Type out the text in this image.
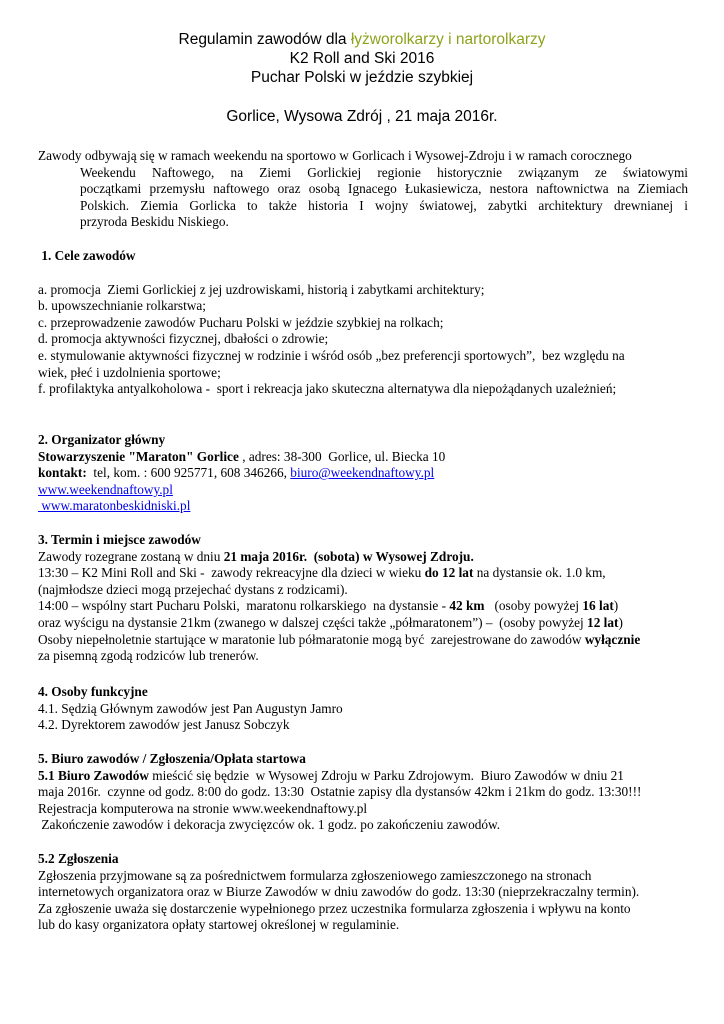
Regulamin zawodów dla łyżworolkarzy i nartorolkarzy
K2 Roll and Ski 2016
Puchar Polski w jeździe szybkiej
Gorlice, Wysowa Zdrój , 21 maja 2016r.
Zawody odbywają się w ramach weekendu na sportowo w Gorlicach i Wysowej-Zdroju i w ramach corocznego
Weekendu Naftowego, na Ziemi Gorlickiej regionie historycznie związanym ze światowymi
początkami przemysłu naftowego oraz osobą Ignacego Łukasiewicza, nestora naftownictwa na Ziemiach
Polskich. Ziemia Gorlicka to także historia I wojny światowej, zabytki architektury drewnianej i
przyroda Beskidu Niskiego.
1. Cele zawodów
a. promocja  Ziemi Gorlickiej z jej uzdrowiskami, historią i zabytkami architektury;
b. upowszechnianie rolkarstwa;
c. przeprowadzenie zawodów Pucharu Polski w jeździe szybkiej na rolkach;
d. promocja aktywności fizycznej, dbałości o zdrowie;
e. stymulowanie aktywności fizycznej w rodzinie i wśród osób „bez preferencji sportowych”,  bez względu na
wiek, płeć i uzdolnienia sportowe;
f. profilaktyka antyalkoholowa -  sport i rekreacja jako skuteczna alternatywa dla niepożądanych uzależnień;
2. Organizator główny
Stowarzyszenie "Maraton" Gorlice , adres: 38-300  Gorlice, ul. Biecka 10
kontakt:  tel, kom. : 600 925771, 608 346266, biuro@weekendnaftowy.pl
www.weekendnaftowy.pl
www.maratonbeskidniski.pl
3. Termin i miejsce zawodów
Zawody rozegrane zostaną w dniu 21 maja 2016r.  (sobota) w Wysowej Zdroju.
13:30 – K2 Mini Roll and Ski -  zawody rekreacyjne dla dzieci w wieku do 12 lat na dystansie ok. 1.0 km,
(najmłodsze dzieci mogą przejechać dystans z rodzicami).
14:00 – wspólny start Pucharu Polski,  maratonu rolkarskiego  na dystansie - 42 km   (osoby powyżej 16 lat)
oraz wyścigu na dystansie 21km (zwanego w dalszej części także „półmaratonem”) –  (osoby powyżej 12 lat)
Osoby niepełnoletnie startujące w maratonie lub półmaratonie mogą być  zarejestrowane do zawodów wyłącznie
za pisemną zgodą rodziców lub trenerów.
4. Osoby funkcyjne
4.1. Sędzią Głównym zawodów jest Pan Augustyn Jamro
4.2. Dyrektorem zawodów jest Janusz Sobczyk
5. Biuro zawodów / Zgłoszenia/Opłata startowa
5.1 Biuro Zawodów mieścić się będzie  w Wysowej Zdroju w Parku Zdrojowym.  Biuro Zawodów w dniu 21
maja 2016r.  czynne od godz. 8:00 do godz. 13:30  Ostatnie zapisy dla dystansów 42km i 21km do godz. 13:30!!!
Rejestracja komputerowa na stronie www.weekendnaftowy.pl
Zakończenie zawodów i dekoracja zwycięzców ok. 1 godz. po zakończeniu zawodów.
5.2 Zgłoszenia
Zgłoszenia przyjmowane są za pośrednictwem formularza zgłoszeniowego zamieszczonego na stronach
internetowych organizatora oraz w Biurze Zawodów w dniu zawodów do godz. 13:30 (nieprzekraczalny termin).
Za zgłoszenie uważa się dostarczenie wypełnionego przez uczestnika formularza zgłoszenia i wpływu na konto
lub do kasy organizatora opłaty startowej określonej w regulaminie.
